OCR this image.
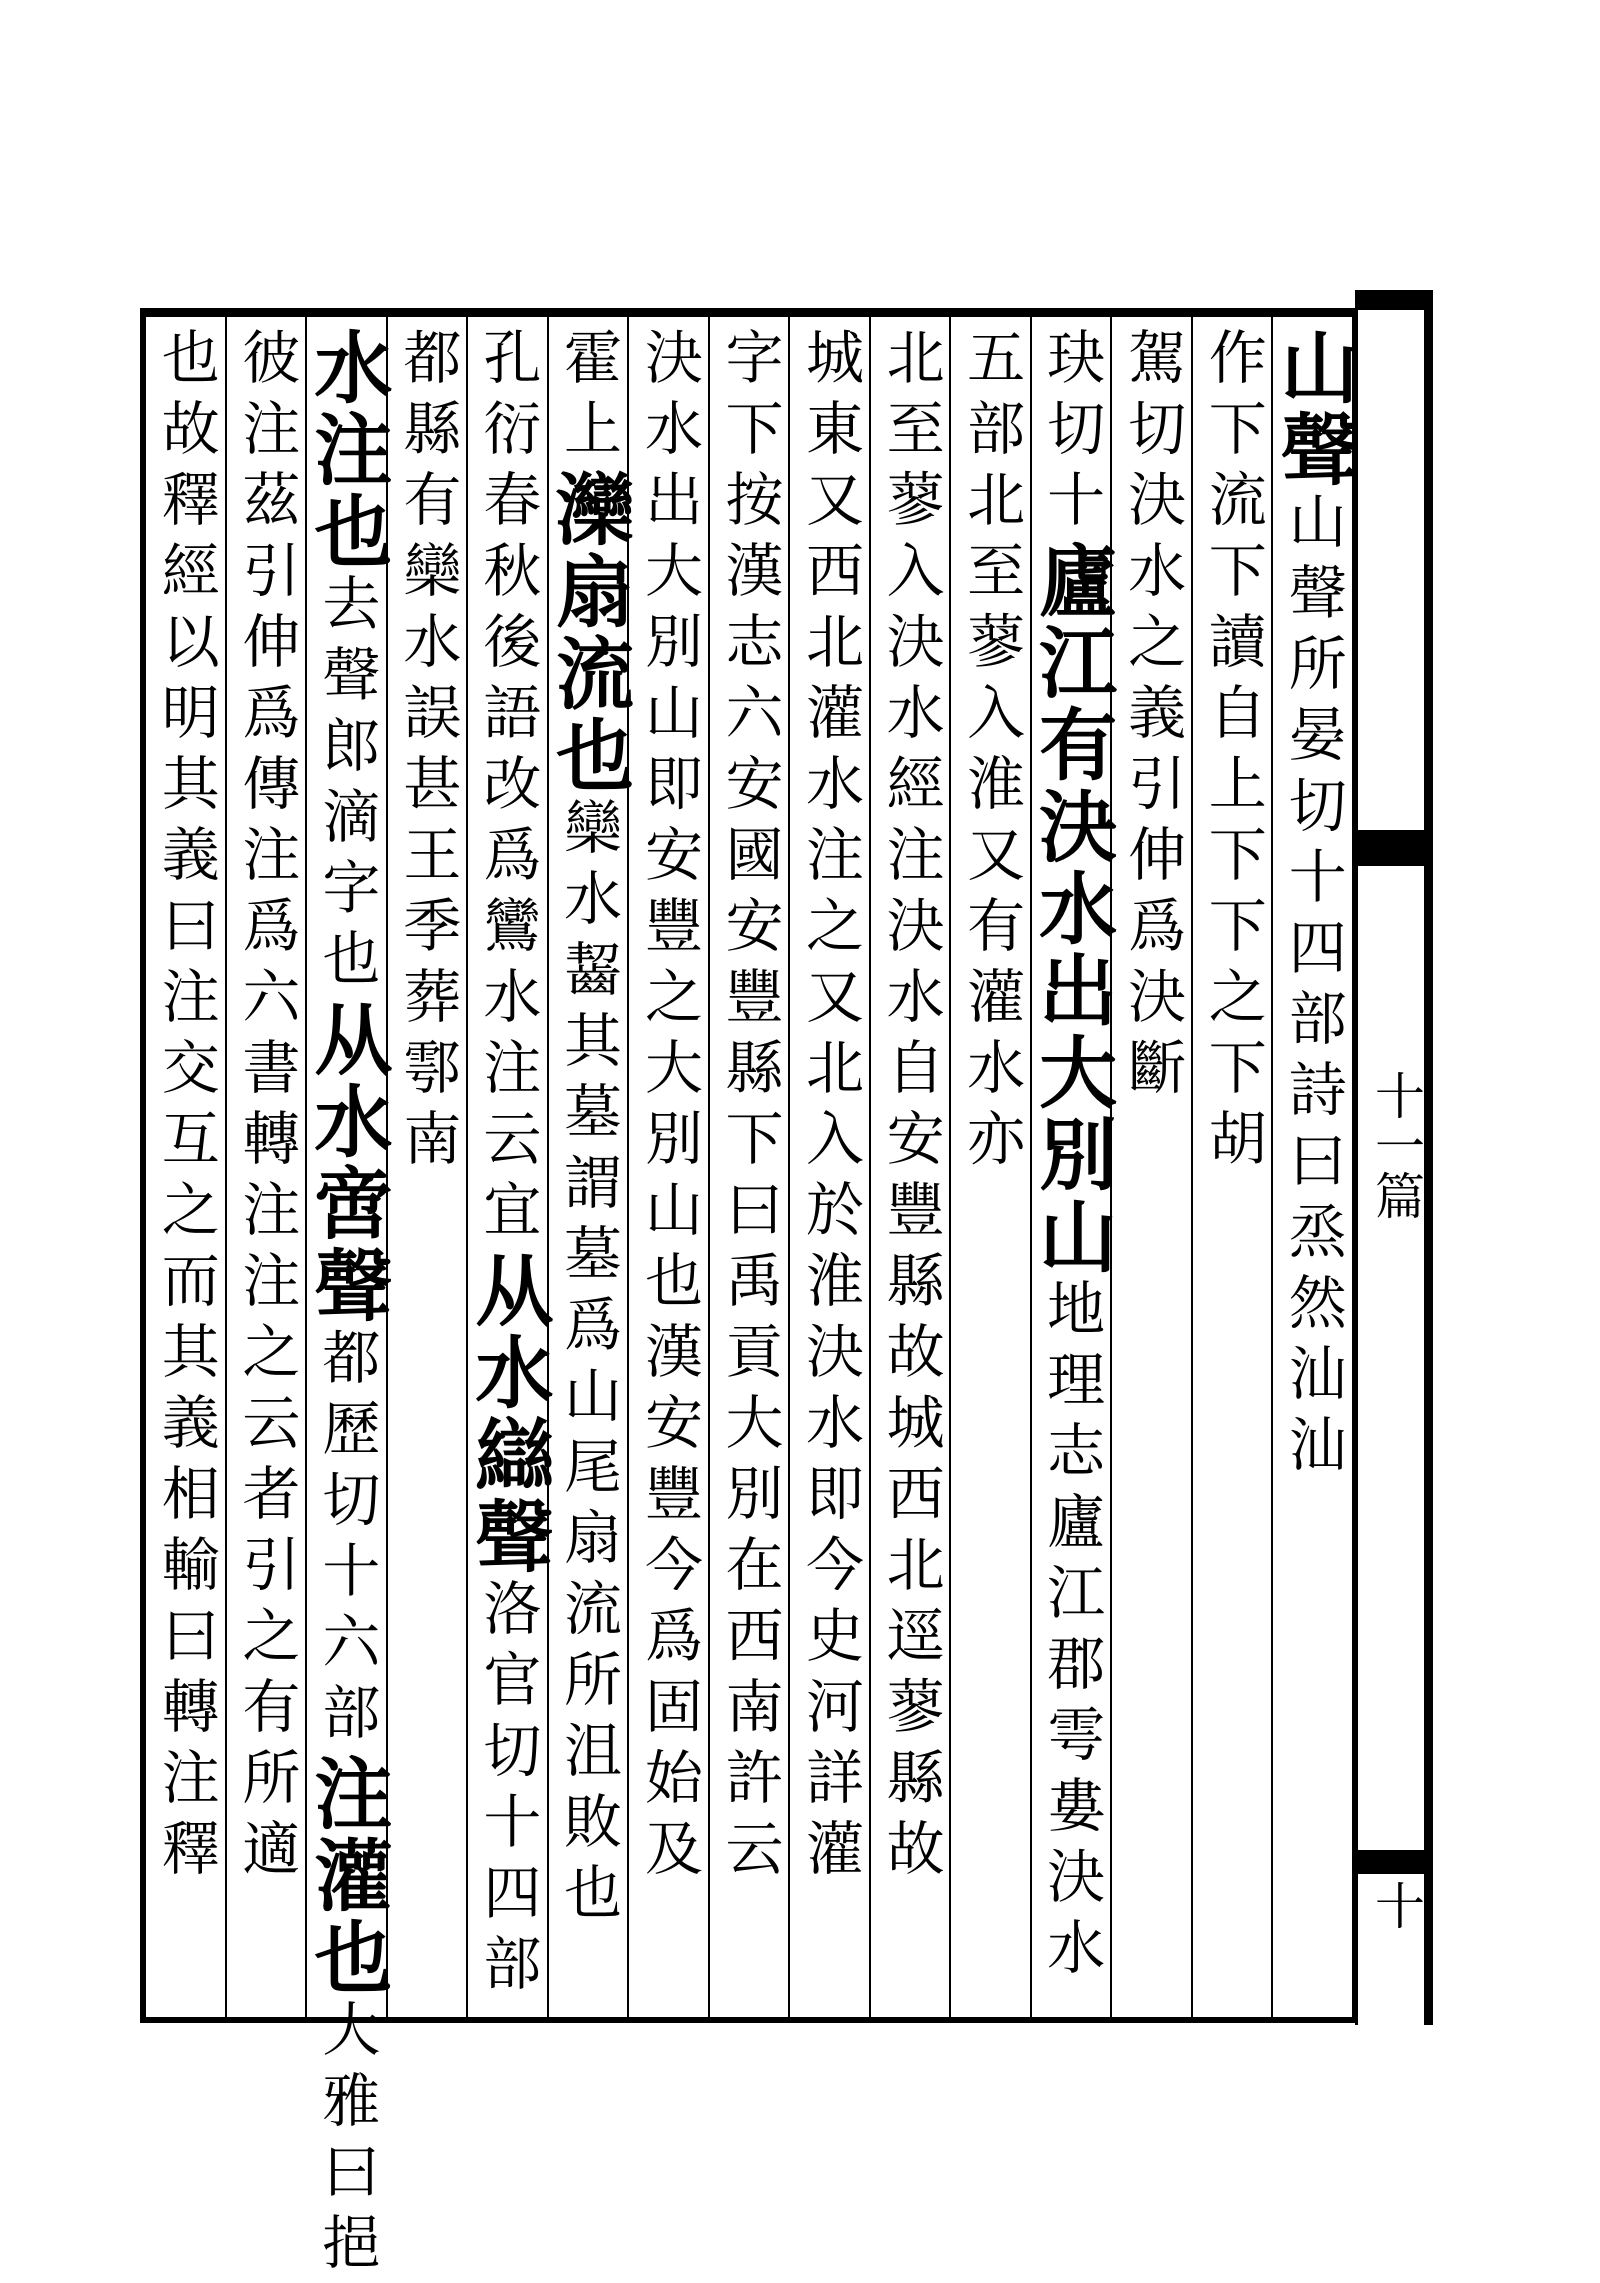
十一篇
十
山聲山聲所晏切十四部詩曰烝然汕汕
作下流下讀自上下下之下胡
駕切決水之義引伸爲決斷
玦切十廬江有決水出大別山地理志廬江郡雩婁決水
五部北至蓼入淮又有灌水亦
北至蓼入決水經注決水自安豐縣故城西北逕蓼縣故
城東又西北灌水注之又北入於淮決水即今史河詳灌
字下按漢志六安國安豐縣下曰禹貢大別在西南許云
決水出大別山即安豐之大別山也漢安豐今爲固始及
霍上灤扇流也欒水齧其墓謂墓爲山尾扇流所沮敗也
孔衍春秋後語改爲鸞水注云宜从水䜌聲洛官切十四部
都縣有欒水誤甚王季葬鄠南
水注也去聲郎滴字也从水啻聲都歷切十六部注灌也大雅曰挹
彼注茲引伸爲傳注爲六書轉注注之云者引之有所適
也故釋經以明其義曰注交互之而其義相輸曰轉注釋
